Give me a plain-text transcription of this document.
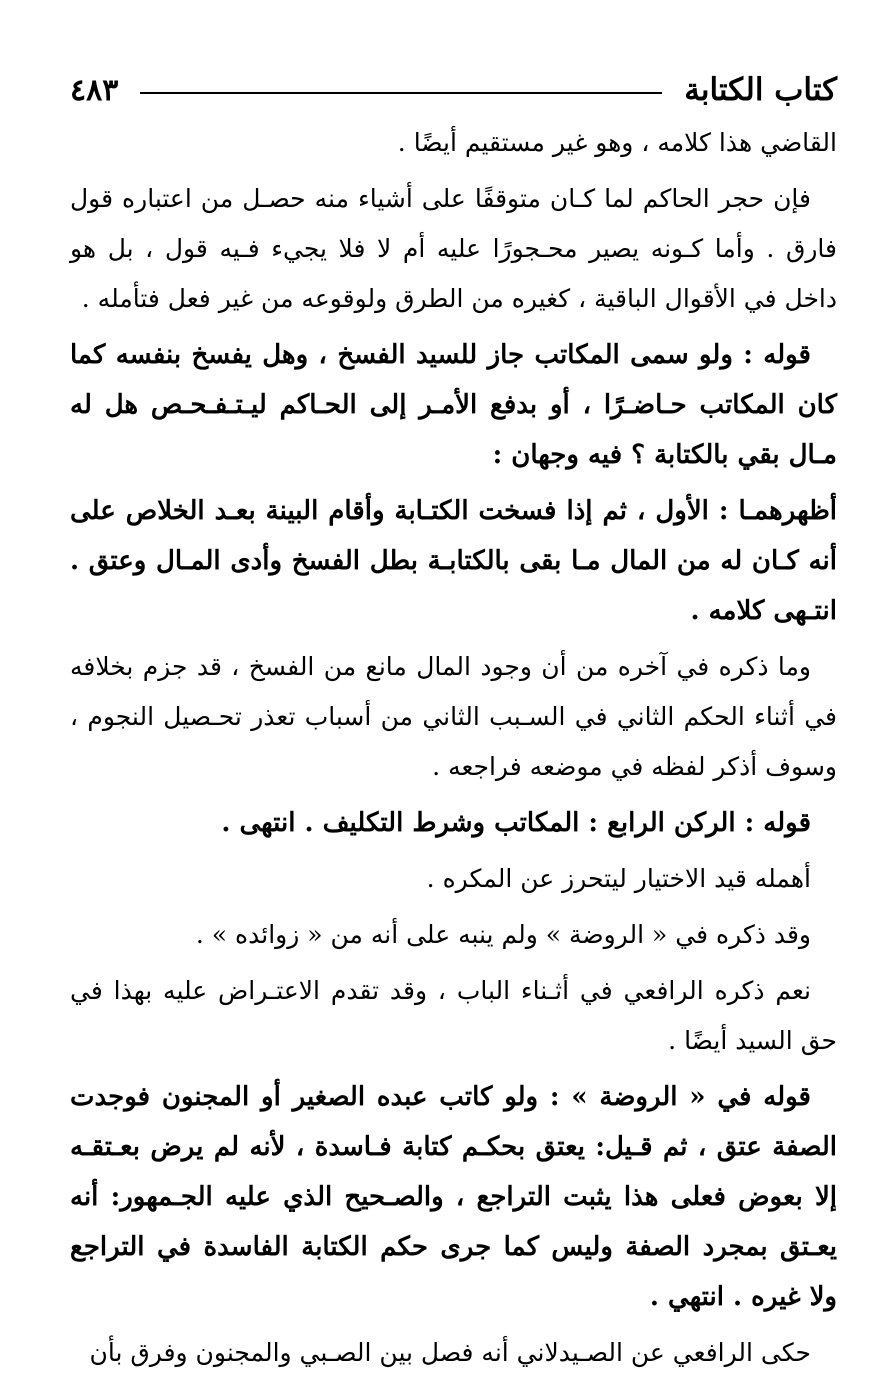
كتاب الكتابة
٤٨٣

القاضي هذا كلامه ، وهو غير مستقيم أيضًا .

فإن حجر الحاكم لما كـان متوقفًا على أشياء منه حصـل من اعتباره قول فارق . وأما كـونه يصير محـجورًا عليه أم لا فلا يجيء فـيه قول ، بل هو داخل في الأقوال الباقية ، كغيره من الطرق ولوقوعه من غير فعل فتأمله .

قوله : ولو سمى المكاتب جاز للسيد الفسخ ، وهل يفسخ بنفسه كما كان المكاتب حـاضـرًا ، أو بدفع الأمـر إلى الحـاكم ليـتـفـحـص هل له مـال بقي بالكتابة ؟ فيه وجهان :

أظهرهمـا : الأول ، ثم إذا فسخت الكتـابة وأقام البينة بعـد الخلاص على أنه كـان له من المال مـا بقى بالكتابـة بطل الفسخ وأدى المـال وعتق . انتـهى كلامه .

وما ذكره في آخره من أن وجود المال مانع من الفسخ ، قد جزم بخلافه في أثناء الحكم الثاني في السـبب الثاني من أسباب تعذر تحـصيل النجوم ، وسوف أذكر لفظه في موضعه فراجعه .

قوله : الركن الرابع : المكاتب وشرط التكليف . انتهى .

أهمله قيد الاختيار ليتحرز عن المكره .

وقد ذكره في « الروضة » ولم ينبه على أنه من « زوائده » .

نعم ذكره الرافعي في أثـناء الباب ، وقد تقدم الاعتـراض عليه بهذا في حق السيد أيضًا .

قوله في « الروضة » : ولو كاتب عبده الصغير أو المجنون فوجدت الصفة عتق ، ثم قـيل: يعتق بحكـم كتابة فـاسدة ، لأنه لم يرض بعـتقـه إلا بعوض فعلى هذا يثبت التراجع ، والصـحيح الذي عليه الجـمهور: أنه يعـتق بمجرد الصفة وليس كما جرى حكم الكتابة الفاسدة في التراجع ولا غيره . انتهي .

حكى الرافعي عن الصـيدلاني أنه فصل بين الصـبي والمجنون وفرق بأن
